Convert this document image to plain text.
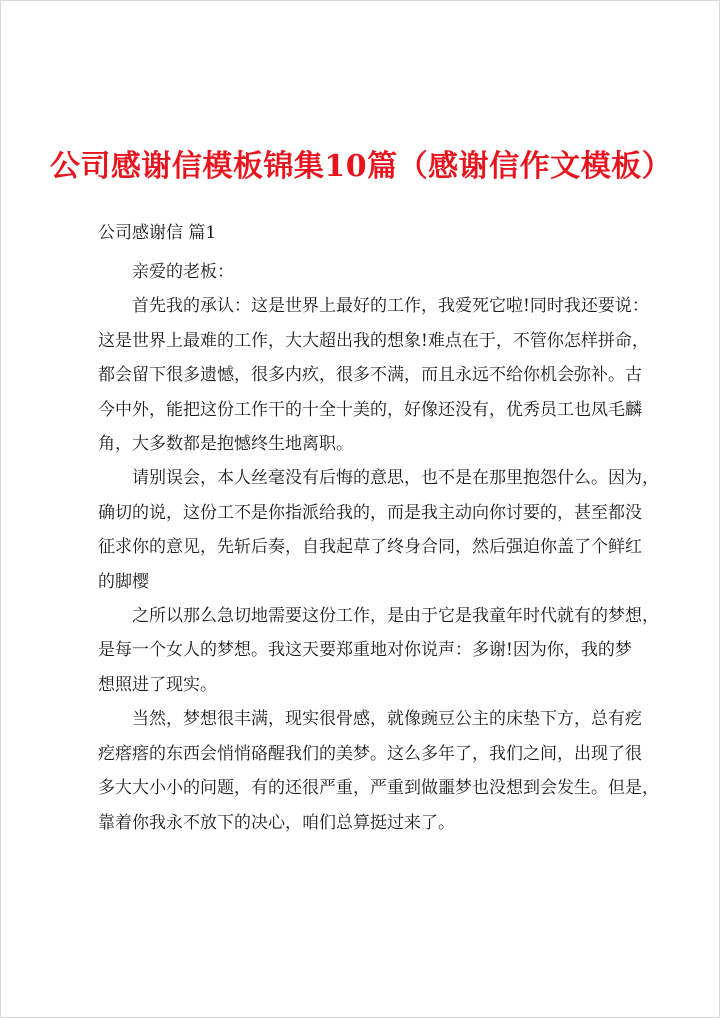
公司感谢信模板锦集10篇（感谢信作文模板）
公司感谢信 篇1

亲爱的老板：

首先我的承认：这是世界上最好的工作，我爱死它啦!同时我还要说：

这是世界上最难的工作，大大超出我的想象!难点在于，不管你怎样拼命，

都会留下很多遗憾，很多内疚，很多不满，而且永远不给你机会弥补。古

今中外，能把这份工作干的十全十美的，好像还没有，优秀员工也凤毛麟

角，大多数都是抱憾终生地离职。

请别误会，本人丝毫没有后悔的意思，也不是在那里抱怨什么。因为，

确切的说，这份工不是你指派给我的，而是我主动向你讨要的，甚至都没

征求你的意见，先斩后奏，自我起草了终身合同，然后强迫你盖了个鲜红

的脚樱

之所以那么急切地需要这份工作，是由于它是我童年时代就有的梦想，

是每一个女人的梦想。我这天要郑重地对你说声：多谢!因为你，我的梦

想照进了现实。

当然，梦想很丰满，现实很骨感，就像豌豆公主的床垫下方，总有疙

疙瘩瘩的东西会悄悄硌醒我们的美梦。这么多年了，我们之间，出现了很

多大大小小的问题，有的还很严重，严重到做噩梦也没想到会发生。但是，

靠着你我永不放下的决心，咱们总算挺过来了。
